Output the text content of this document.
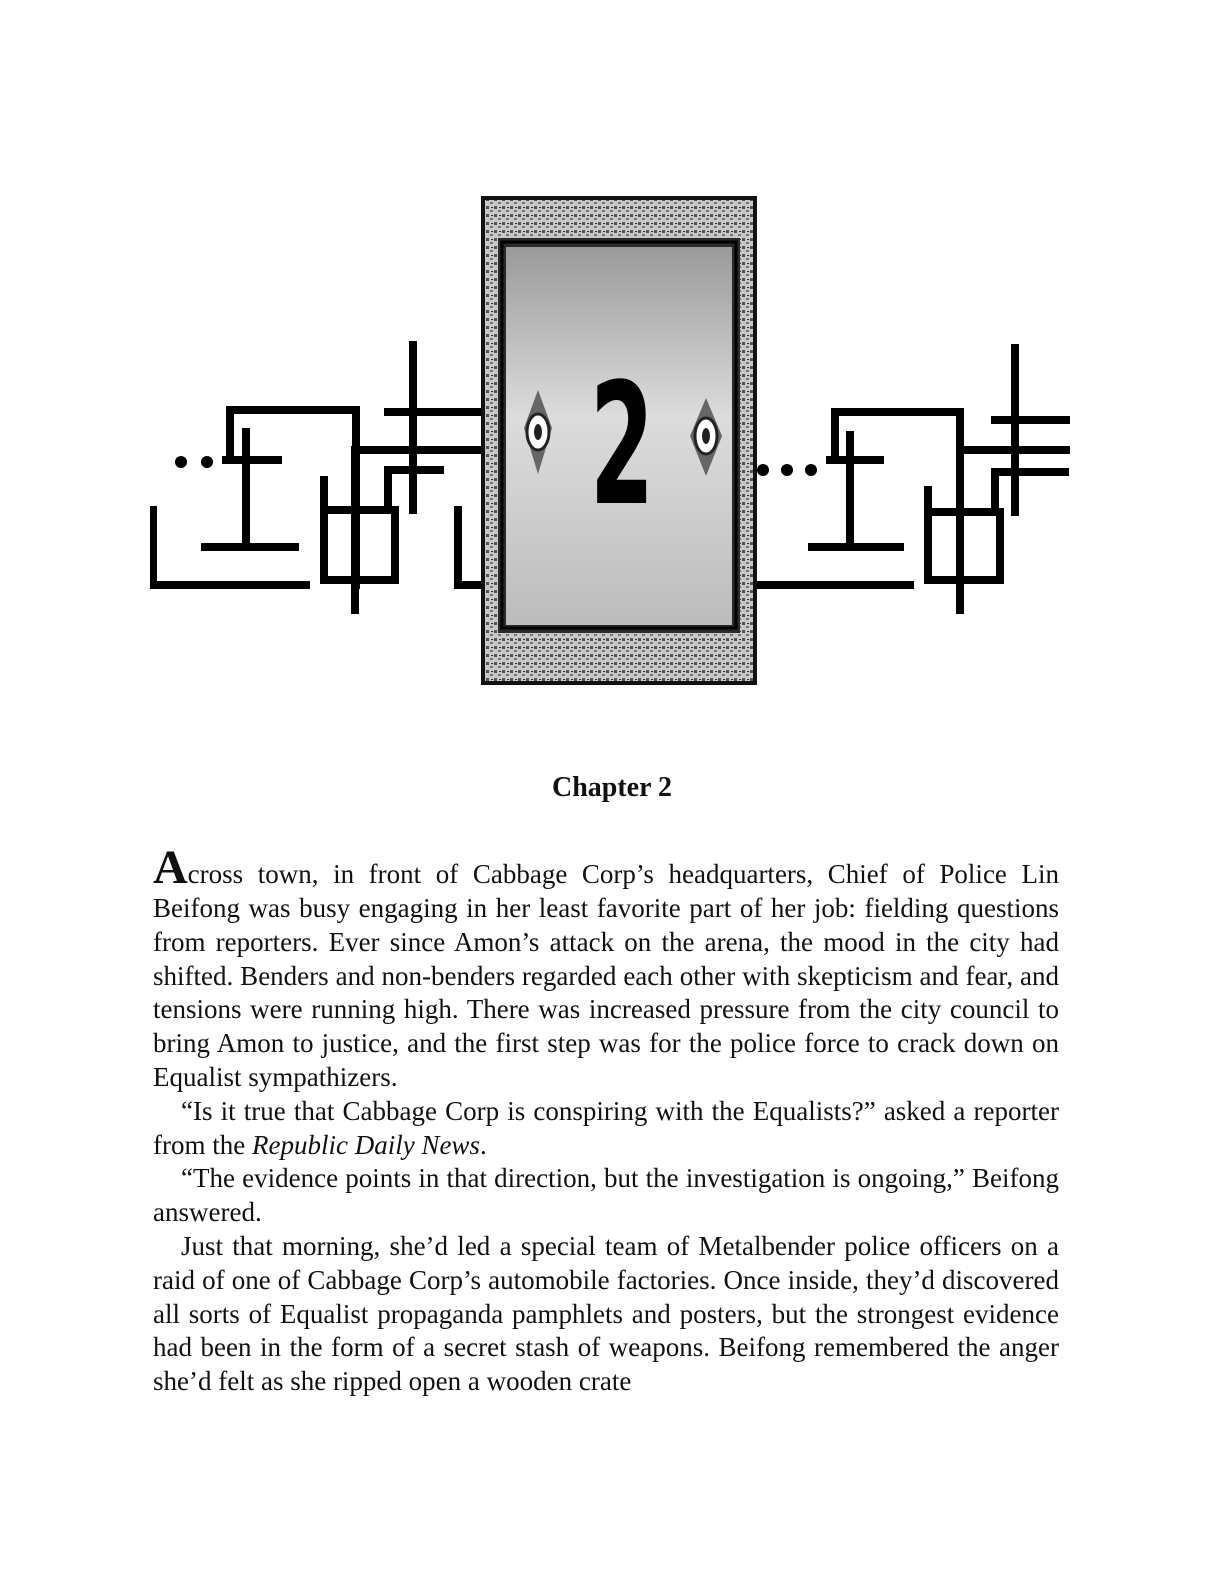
2
Chapter 2

Across town, in front of Cabbage Corp’s headquarters, Chief of Police Lin Beifong was busy engaging in her least favorite part of her job: fielding questions from reporters. Ever since Amon’s attack on the arena, the mood in the city had shifted. Benders and non-benders regarded each other with skepticism and fear, and tensions were running high. There was increased pressure from the city council to bring Amon to justice, and the first step was for the police force to crack down on Equalist sympathizers.

“Is it true that Cabbage Corp is conspiring with the Equalists?” asked a reporter from the Republic Daily News.

“The evidence points in that direction, but the investigation is ongoing,” Beifong answered.

Just that morning, she’d led a special team of Metalbender police officers on a raid of one of Cabbage Corp’s automobile factories. Once inside, they’d discovered all sorts of Equalist propaganda pamphlets and posters, but the strongest evidence had been in the form of a secret stash of weapons. Beifong remembered the anger she’d felt as she ripped open a wooden crate
